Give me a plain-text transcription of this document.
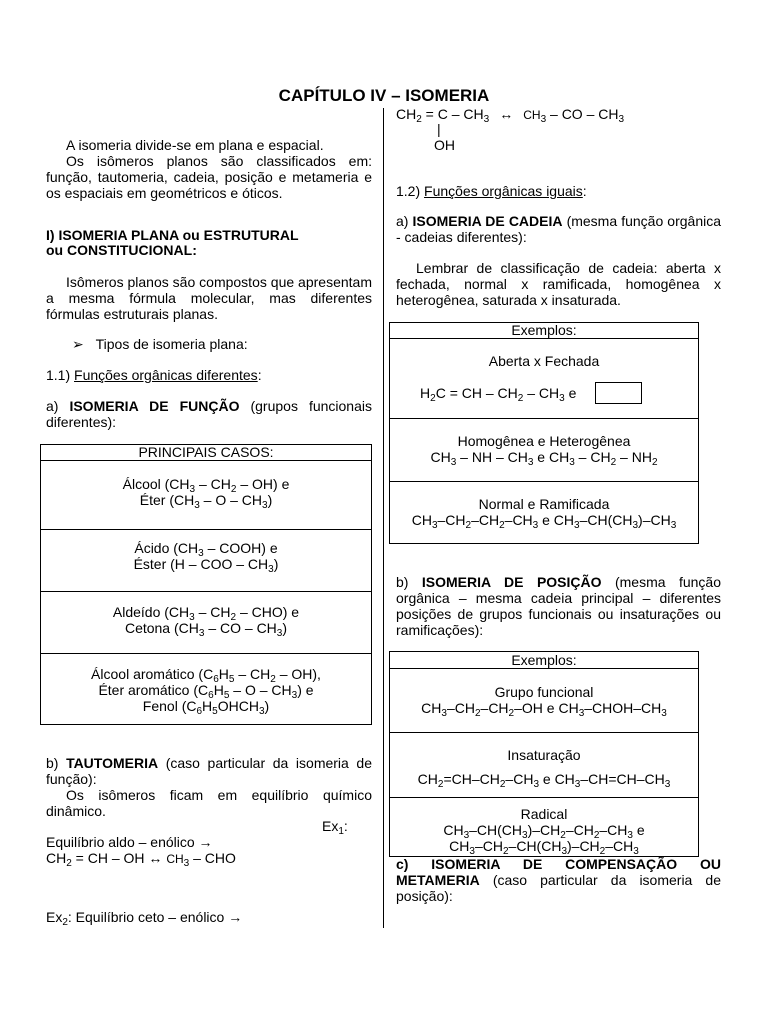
CAPÍTULO IV – ISOMERIA
A isomeria divide-se em plana e espacial.
Os isômeros planos são classificados em: função, tautomeria, cadeia, posição e metameria e os espaciais em geométricos e óticos.
I) ISOMERIA PLANA ou ESTRUTURAL
ou CONSTITUCIONAL:
Isômeros planos são compostos que apresentam a mesma fórmula molecular, mas diferentes fórmulas estruturais planas.
➢ Tipos de isomeria plana:
1.1) Funções orgânicas diferentes:
a) ISOMERIA DE FUNÇÃO (grupos funcionais diferentes):
PRINCIPAIS CASOS:
Álcool $(CH_3 - CH_2 - OH)$ e
Éter ($CH_3$ – O – $CH_3$)
Ácido ($CH_3$ – COOH) e
Éster (H – COO – $CH_3$)
Aldeído $(CH_3 - CH_2 - CHO)$ e
Cetona ($CH_3$ – CO – $CH_3$)
Álcool aromático $(C_6H_5 - CH_2 - OH)$,
Éter aromático ($C_6H_5$ – O – $CH_3$) e
Fenol $(C_6H_5OHCH_3)$
b) TAUTOMERIA (caso particular da isomeria de função):
Os isômeros ficam em equilíbrio químico dinâmico.
$Ex_1$:
Equilíbrio aldo – enólico →
$CH_2$ = CH – OH ↔ $CH_3$ – CHO
$Ex_2$: Equilíbrio ceto – enólico →
$CH_2 = C - CH_3$ ↔ $CH_3$ – CO – $CH_3$
|
OH
1.2) Funções orgânicas iguais:
a) ISOMERIA DE CADEIA (mesma função orgânica - cadeias diferentes):
Lembrar de classificação de cadeia: aberta x fechada, normal x ramificada, homogênea x heterogênea, saturada x insaturada.
Exemplos:
Aberta x Fechada
$H_2C$ = CH – $CH_2 - CH_3$ e
Homogênea e Heterogênea
$CH_3$ – NH – $CH_3$ e $CH_3 - CH_2 - NH_2$
Normal e Ramificada
$CH_3-CH_2-CH_2-CH_3$ e $CH_3-CH(CH_3)-CH_3$
b) ISOMERIA DE POSIÇÃO (mesma função orgânica – mesma cadeia principal – diferentes posições de grupos funcionais ou insaturações ou ramificações):
Exemplos:
Grupo funcional
$CH_3-CH_2-CH_2-OH$ e $CH_3-CHOH-CH_3$
Insaturação
$CH_2=CH-CH_2-CH_3$ e $CH_3-CH=CH-CH_3$
Radical
$CH_3-CH(CH_3)-CH_2-CH_2-CH_3$ e
$CH_3-CH_2-CH(CH_3)-CH_2-CH_3$
c) ISOMERIA DE COMPENSAÇÃO OU
METAMERIA (caso particular da isomeria de posição):
